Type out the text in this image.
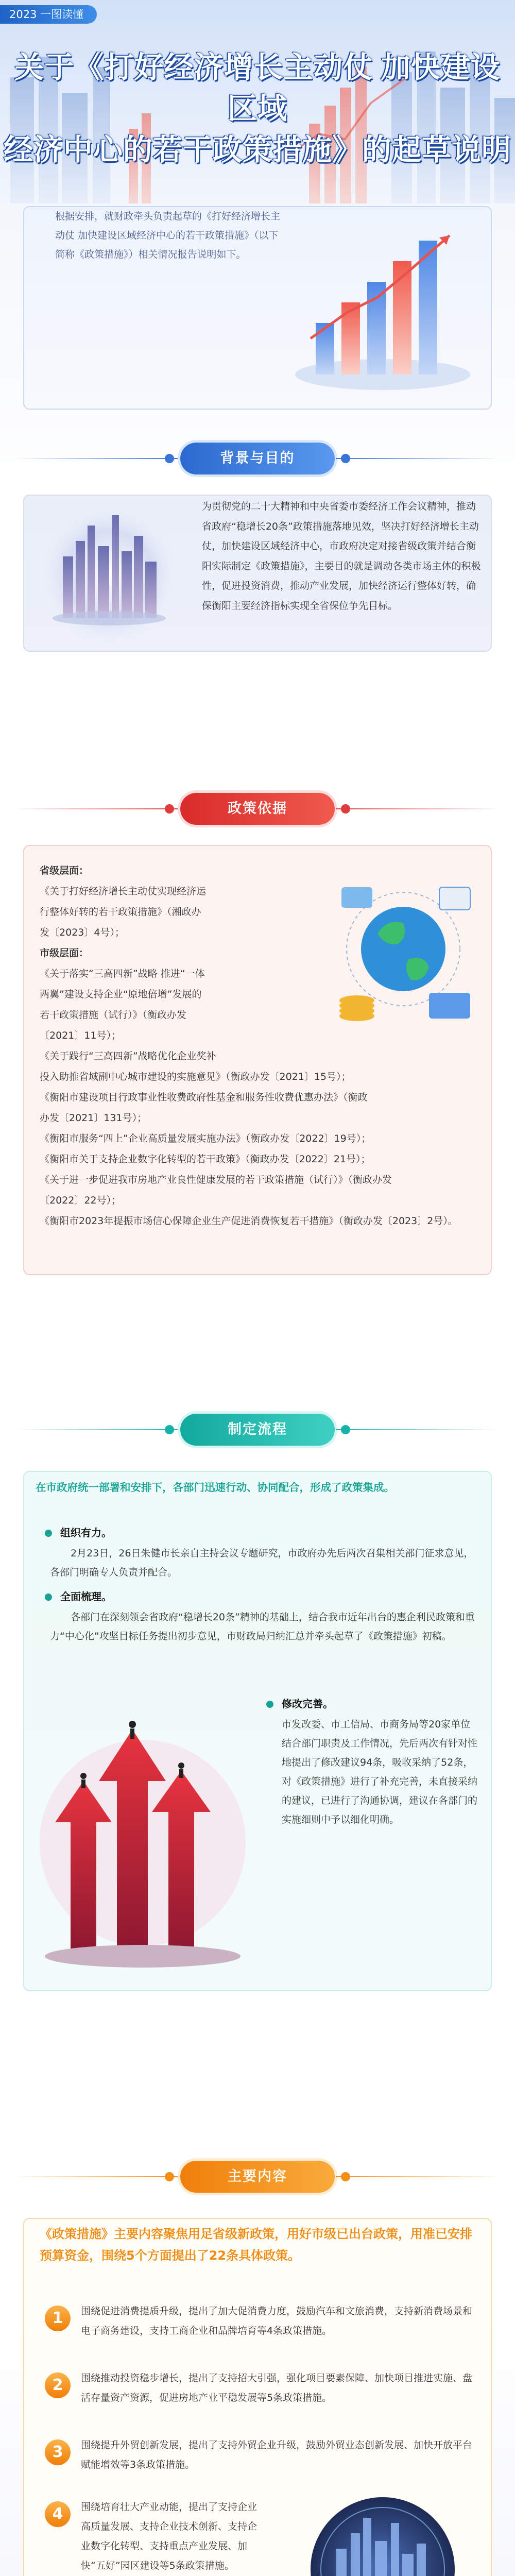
2023 一图读懂
关于《打好经济增长主动仗 加快建设区域
经济中心的若干政策措施》的起草说明
根据安排，就财政牵头负责起草的《打好经济增长主动仗 加快建设区域经济中心的若干政策措施》（以下简称《政策措施》）相关情况报告说明如下。
背景与目的
为贯彻党的二十大精神和中央省委市委经济工作会议精神，推动省政府“稳增长20条”政策措施落地见效，坚决打好经济增长主动仗，加快建设区域经济中心，市政府决定对接省级政策并结合衡阳实际制定《政策措施》，主要目的就是调动各类市场主体的积极性，促进投资消费，推动产业发展，加快经济运行整体好转，确保衡阳主要经济指标实现全省保位争先目标。
政策依据
省级层面：
《关于打好经济增长主动仗实现经济运
行整体好转的若干政策措施》（湘政办
发〔2023〕4号）；
市级层面：
《关于落实“三高四新”战略 推进“一体
两翼”建设支持企业“原地倍增”发展的
若干政策措施（试行）》（衡政办发
〔2021〕11号）；
《关于践行“三高四新”战略优化企业奖补
投入助推省域副中心城市建设的实施意见》（衡政办发〔2021〕15号）；
《衡阳市建设项目行政事业性收费政府性基金和服务性收费优惠办法》（衡政
办发〔2021〕131号）；
《衡阳市服务“四上”企业高质量发展实施办法》（衡政办发〔2022〕19号）；
《衡阳市关于支持企业数字化转型的若干政策》（衡政办发〔2022〕21号）；
《关于进一步促进我市房地产业良性健康发展的若干政策措施（试行）》（衡政办发
〔2022〕22号）；
《衡阳市2023年提振市场信心保障企业生产促进消费恢复若干措施》（衡政办发〔2023〕2号）。
制定流程
在市政府统一部署和安排下，各部门迅速行动、协同配合，形成了政策集成。
组织有力。
2月23日，26日朱健市长亲自主持会议专题研究，市政府办先后两次召集相关部门征求意见，各部门明确专人负责并配合。
全面梳理。
各部门在深刻领会省政府“稳增长20条”精神的基础上，结合我市近年出台的惠企利民政策和重力“中心化”攻坚目标任务提出初步意见，市财政局归纳汇总并牵头起草了《政策措施》初稿。
修改完善。
市发改委、市工信局、市商务局等20家单位结合部门职责及工作情况，先后两次有针对性地提出了修改建议94条，吸收采纳了52条，对《政策措施》进行了补充完善，未直接采纳的建议，已进行了沟通协调，建议在各部门的实施细则中予以细化明确。
主要内容
《政策措施》主要内容聚焦用足省级新政策，用好市级已出台政策，用准已安排预算资金，围绕5个方面提出了22条具体政策。
1	围绕促进消费提质升级，提出了加大促消费力度，鼓励汽车和文旅消费，支持新消费场景和电子商务建设，支持工商企业和品牌培育等4条政策措施。
2	围绕推动投资稳步增长，提出了支持招大引强，强化项目要素保障、加快项目推进实施、盘活存量资产资源，促进房地产业平稳发展等5条政策措施。
3	围绕提升外贸创新发展，提出了支持外贸企业升级，鼓励外贸业态创新发展、加快开放平台赋能增效等3条政策措施。
4	围绕培育壮大产业动能，提出了支持企业高质量发展、支持企业技术创新、支持企业数字化转型、支持重点产业发展、加快“五好”园区建设等5条政策措施。
